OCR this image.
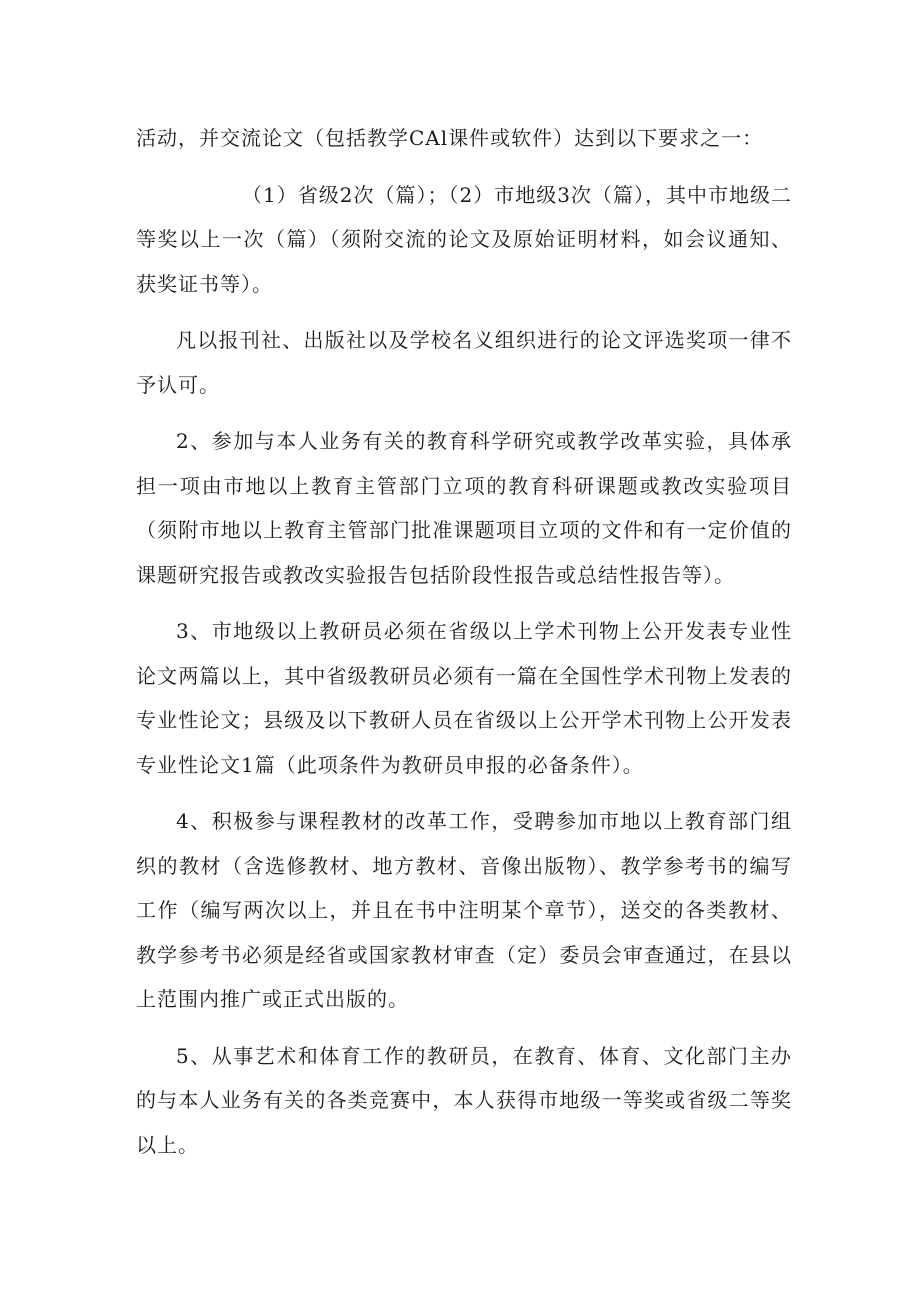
活动，并交流论文（包括教学CAl课件或软件）达到以下要求之一：

（1）省级2次（篇）；（2）市地级3次（篇），其中市地级二等奖以上一次（篇）（须附交流的论文及原始证明材料，如会议通知、获奖证书等）。

凡以报刊社、出版社以及学校名义组织进行的论文评选奖项一律不予认可。

2、参加与本人业务有关的教育科学研究或教学改革实验，具体承担一项由市地以上教育主管部门立项的教育科研课题或教改实验项目（须附市地以上教育主管部门批准课题项目立项的文件和有一定价值的课题研究报告或教改实验报告包括阶段性报告或总结性报告等）。

3、市地级以上教研员必须在省级以上学术刊物上公开发表专业性论文两篇以上，其中省级教研员必须有一篇在全国性学术刊物上发表的专业性论文；县级及以下教研人员在省级以上公开学术刊物上公开发表专业性论文1篇（此项条件为教研员申报的必备条件）。

4、积极参与课程教材的改革工作，受聘参加市地以上教育部门组织的教材（含选修教材、地方教材、音像出版物）、教学参考书的编写工作（编写两次以上，并且在书中注明某个章节），送交的各类教材、教学参考书必须是经省或国家教材审查（定）委员会审查通过，在县以上范围内推广或正式出版的。

5、从事艺术和体育工作的教研员，在教育、体育、文化部门主办的与本人业务有关的各类竞赛中，本人获得市地级一等奖或省级二等奖以上。
